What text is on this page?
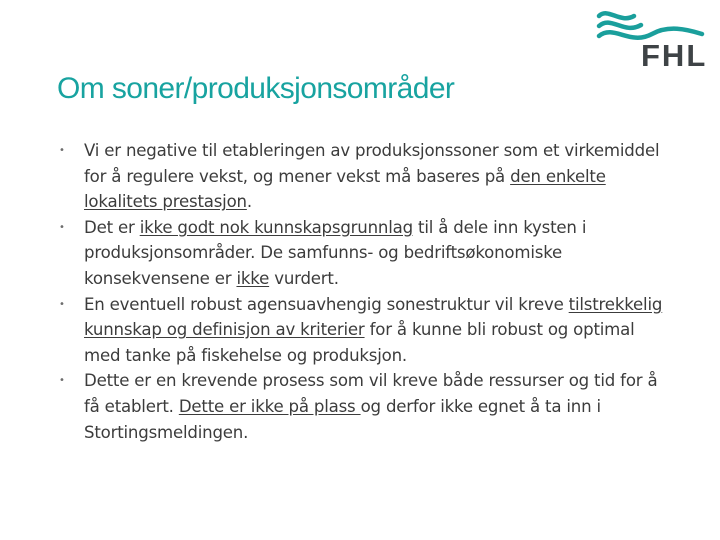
FHL
Om soner/produksjonsområder
• Vi er negative til etableringen av produksjonssoner som et virkemiddel for å regulere vekst, og mener vekst må baseres på den enkelte lokalitets prestasjon.
• Det er ikke godt nok kunnskapsgrunnlag til å dele inn kysten i produksjonsområder. De samfunns- og bedriftsøkonomiske konsekvensene er ikke vurdert.
• En eventuell robust agensuavhengig sonestruktur vil kreve tilstrekkelig kunnskap og definisjon av kriterier for å kunne bli robust og optimal med tanke på fiskehelse og produksjon.
• Dette er en krevende prosess som vil kreve både ressurser og tid for å få etablert. Dette er ikke på plass og derfor ikke egnet å ta inn i Stortingsmeldingen.
